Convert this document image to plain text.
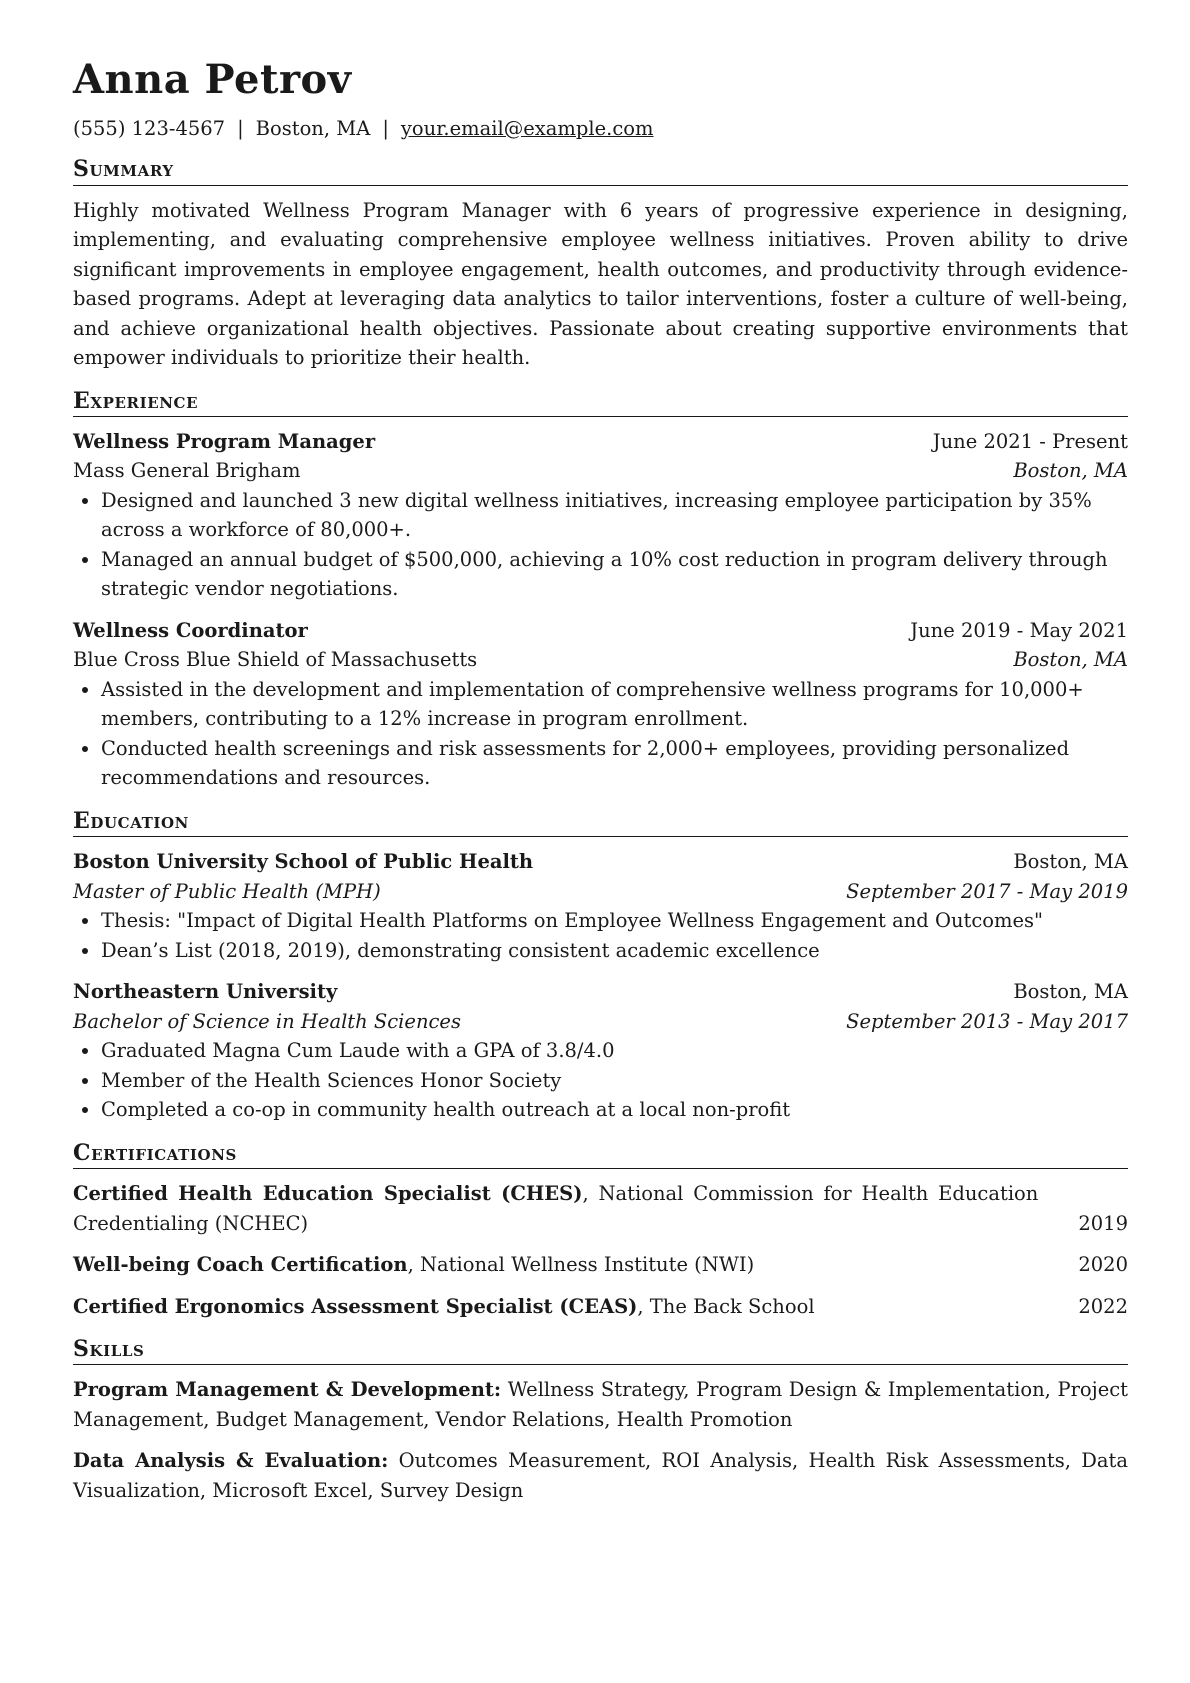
Anna Petrov
(555) 123-4567 | Boston, MA | your.email@example.com
Summary
Highly motivated Wellness Program Manager with 6 years of progressive experience in designing, implementing, and evaluating comprehensive employee wellness initiatives. Proven ability to drive significant improvements in employee engagement, health outcomes, and productivity through evidence-based programs. Adept at leveraging data analytics to tailor interventions, foster a culture of well-being, and achieve organizational health objectives. Passionate about creating supportive environments that empower individuals to prioritize their health.
Experience
Wellness Program Manager	June 2021 - Present
Mass General Brigham	Boston, MA
• Designed and launched 3 new digital wellness initiatives, increasing employee participation by 35% across a workforce of 80,000+.
• Managed an annual budget of $500,000, achieving a 10% cost reduction in program delivery through strategic vendor negotiations.
Wellness Coordinator	June 2019 - May 2021
Blue Cross Blue Shield of Massachusetts	Boston, MA
• Assisted in the development and implementation of comprehensive wellness programs for 10,000+ members, contributing to a 12% increase in program enrollment.
• Conducted health screenings and risk assessments for 2,000+ employees, providing personalized recommendations and resources.
Education
Boston University School of Public Health	Boston, MA
Master of Public Health (MPH)	September 2017 - May 2019
• Thesis: "Impact of Digital Health Platforms on Employee Wellness Engagement and Outcomes"
• Dean’s List (2018, 2019), demonstrating consistent academic excellence
Northeastern University	Boston, MA
Bachelor of Science in Health Sciences	September 2013 - May 2017
• Graduated Magna Cum Laude with a GPA of 3.8/4.0
• Member of the Health Sciences Honor Society
• Completed a co-op in community health outreach at a local non-profit
Certifications
Certified Health Education Specialist (CHES), National Commission for Health Education Credentialing (NCHEC)	2019
Well-being Coach Certification, National Wellness Institute (NWI)	2020
Certified Ergonomics Assessment Specialist (CEAS), The Back School	2022
Skills
Program Management & Development: Wellness Strategy, Program Design & Implementation, Project Management, Budget Management, Vendor Relations, Health Promotion
Data Analysis & Evaluation: Outcomes Measurement, ROI Analysis, Health Risk Assessments, Data Visualization, Microsoft Excel, Survey Design
